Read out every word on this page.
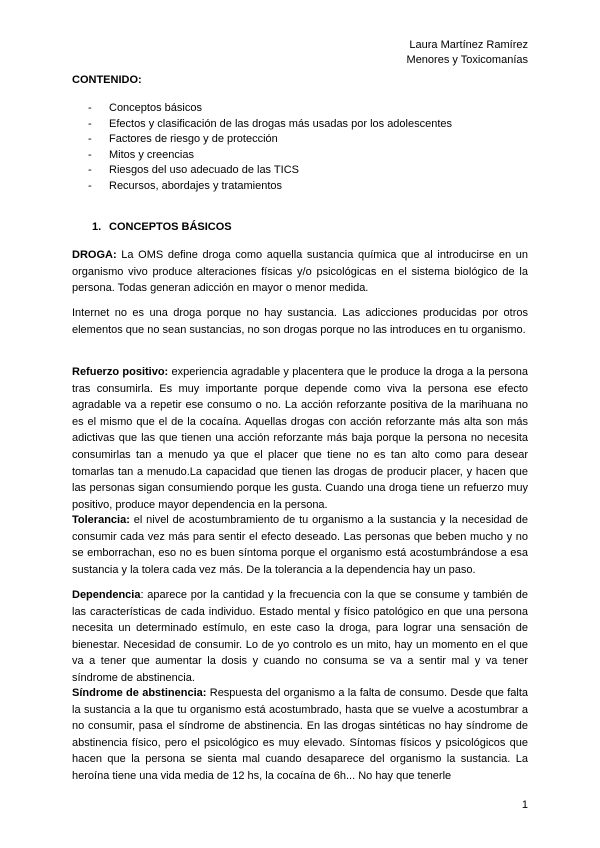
Laura Martínez Ramírez
Menores y Toxicomanías
CONTENIDO:
-	Conceptos básicos
-	Efectos y clasificación de las drogas más usadas por los adolescentes
-	Factores de riesgo y de protección
-	Mitos y creencias
-	Riesgos del uso adecuado de las TICS
-	Recursos, abordajes y tratamientos
1. CONCEPTOS BÁSICOS

DROGA: La OMS define droga como aquella sustancia química que al introducirse en un organismo vivo produce alteraciones físicas y/o psicológicas en el sistema biológico de la persona. Todas generan adicción en mayor o menor medida.

Internet no es una droga porque no hay sustancia. Las adicciones producidas por otros elementos que no sean sustancias, no son drogas porque no las introduces en tu organismo.

Refuerzo positivo: experiencia agradable y placentera que le produce la droga a la persona tras consumirla. Es muy importante porque depende como viva la persona ese efecto agradable va a repetir ese consumo o no. La acción reforzante positiva de la marihuana no es el mismo que el de la cocaína. Aquellas drogas con acción reforzante más alta son más adictivas que las que tienen una acción reforzante más baja porque la persona no necesita consumirlas tan a menudo ya que el placer que tiene no es tan alto como para desear tomarlas tan a menudo.La capacidad que tienen las drogas de producir placer, y hacen que las personas sigan consumiendo porque les gusta. Cuando una droga tiene un refuerzo muy positivo, produce mayor dependencia en la persona.

Tolerancia: el nivel de acostumbramiento de tu organismo a la sustancia y la necesidad de consumir cada vez más para sentir el efecto deseado. Las personas que beben mucho y no se emborrachan, eso no es buen síntoma porque el organismo está acostumbrándose a esa sustancia y la tolera cada vez más. De la tolerancia a la dependencia hay un paso.

Dependencia: aparece por la cantidad y la frecuencia con la que se consume y también de las características de cada individuo. Estado mental y físico patológico en que una persona necesita un determinado estímulo, en este caso la droga, para lograr una sensación de bienestar. Necesidad de consumir. Lo de yo controlo es un mito, hay un momento en el que va a tener que aumentar la dosis y cuando no consuma se va a sentir mal y va tener síndrome de abstinencia.

Síndrome de abstinencia: Respuesta del organismo a la falta de consumo. Desde que falta la sustancia a la que tu organismo está acostumbrado, hasta que se vuelve a acostumbrar a no consumir, pasa el síndrome de abstinencia. En las drogas sintéticas no hay síndrome de abstinencia físico, pero el psicológico es muy elevado. Síntomas físicos y psicológicos que hacen que la persona se sienta mal cuando desaparece del organismo la sustancia. La heroína tiene una vida media de 12 hs, la cocaína de 6h... No hay que tenerle

1
